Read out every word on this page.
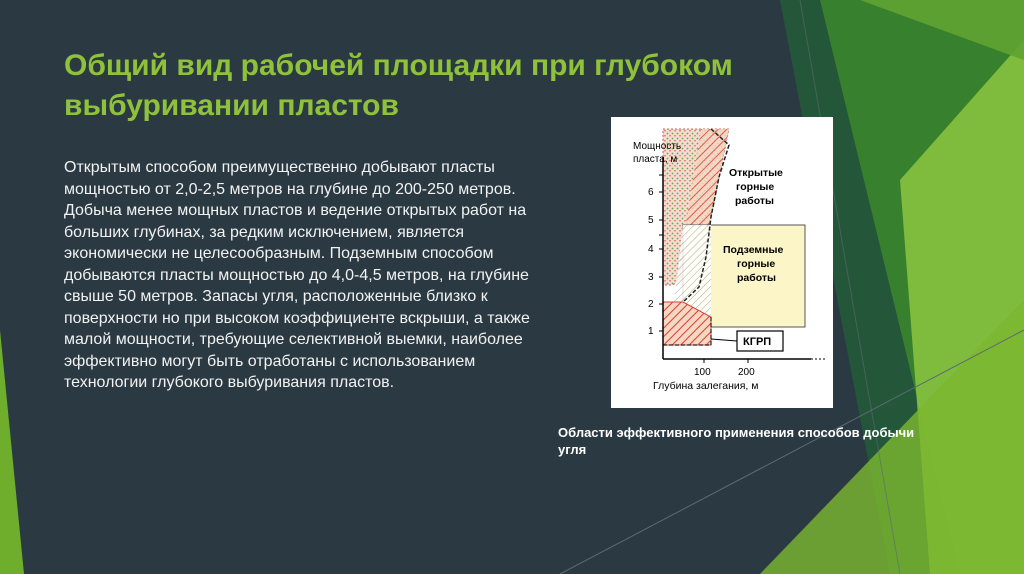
Общий вид рабочей площадки при глубоком выбуривании пластов
Открытым способом преимущественно добывают пласты мощностью от 2,0-2,5 метров на глубине до 200-250 метров. Добыча менее мощных пластов и ведение открытых работ на больших глубинах, за редким исключением, является экономически не целесообразным. Подземным способом добываются пласты мощностью до 4,0-4,5 метров, на глубине свыше 50 метров. Запасы угля, расположенные близко к поверхности но при высоком коэффициенте вскрыши, а также малой мощности, требующие селективной выемки, наиболее эффективно могут быть отработаны с использованием технологии глубокого выбуривания пластов.
1
2
3
4
5
6
100	200
Мощность
пласта, м
Глубина залегания, м
Открытые
горные
работы
Подземные
горные
работы
КГРП
Области эффективного применения способов добычи угля
